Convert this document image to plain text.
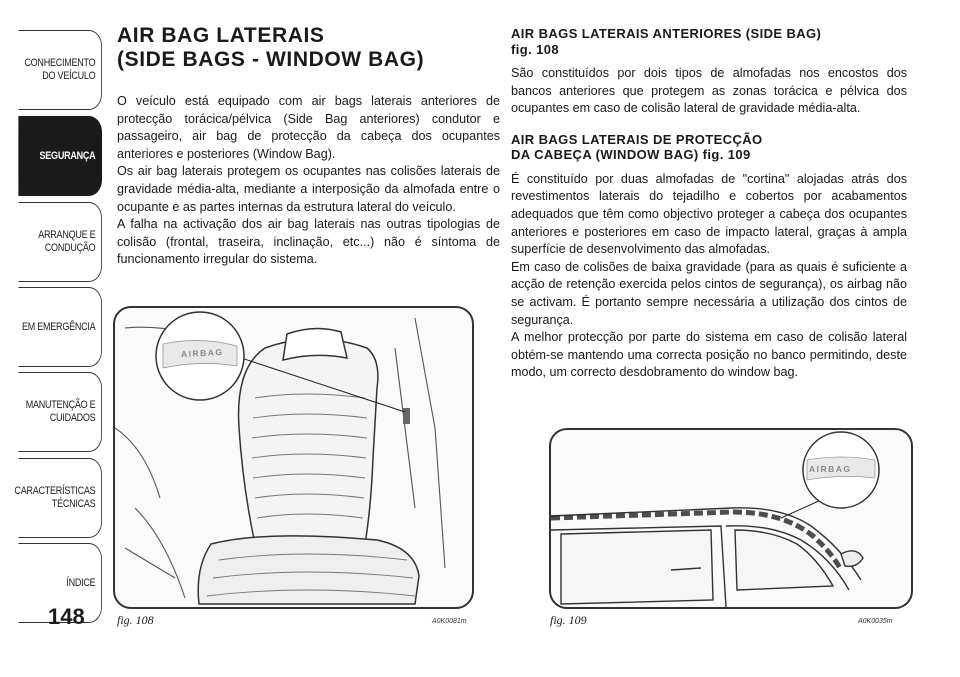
CONHECIMENTO DO VEÍCULO
SEGURANÇA
ARRANQUE E CONDUÇÃO
EM EMERGÊNCIA
MANUTENÇÃO E CUIDADOS
CARACTERÍSTICAS TÉCNICAS
ÍNDICE
148
AIR BAG LATERAIS
(SIDE BAGS - WINDOW BAG)

O veículo está equipado com air bags laterais anteriores de protecção torácica/pélvica (Side Bag anteriores) condutor e passageiro, air bag de protecção da cabeça dos ocupantes anteriores e posteriores (Window Bag).

Os air bag laterais protegem os ocupantes nas colisões laterais de gravidade média-alta, mediante a interposição da almofada entre o ocupante e as partes internas da estrutura lateral do veículo.

A falha na activação dos air bag laterais nas outras tipologias de colisão (frontal, traseira, inclinação, etc...) não é síntoma de funcionamento irregular do sistema.

AIR BAGS LATERAIS ANTERIORES (SIDE BAG)
fig. 108

São constituídos por dois tipos de almofadas nos encostos dos bancos anteriores que protegem as zonas torácica e pélvica dos ocupantes em caso de colisão lateral de gravidade média-alta.

AIR BAGS LATERAIS DE PROTECÇÃO
DA CABEÇA (WINDOW BAG) fig. 109

É constituído por duas almofadas de "cortina" alojadas atrás dos revestimentos laterais do tejadilho e cobertos por acabamentos adequados que têm como objectivo proteger a cabeça dos ocupantes anteriores e posteriores em caso de impacto lateral, graças à ampla superfície de desenvolvimento das almofadas.

Em caso de colisões de baixa gravidade (para as quais é suficiente a acção de retenção exercida pelos cintos de segurança), os airbag não se activam. É portanto sempre necessária a utilização dos cintos de segurança.

A melhor protecção por parte do sistema em caso de colisão lateral obtém-se mantendo uma correcta posição no banco permitindo, deste modo, um correcto desdobramento do window bag.

AIRBAG
fig. 108	A0K0081m
AIRBAG
fig. 109	A0K0035m
